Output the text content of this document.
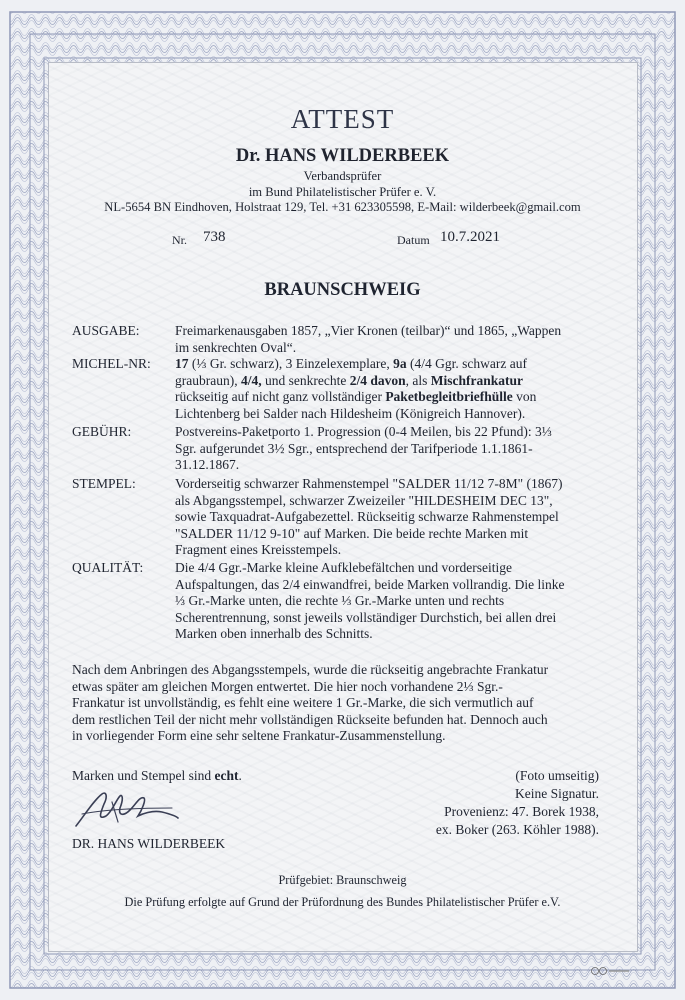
ATTEST
Dr. HANS WILDERBEEK
Verbandsprüfer
im Bund Philatelistischer Prüfer e. V.
NL-5654 BN Eindhoven, Holstraat 129, Tel. +31 623305598, E-Mail: wilderbeek@gmail.com
Nr. 738	Datum 10.7.2021
BRAUNSCHWEIG
AUSGABE:	Freimarkenausgaben 1857, „Vier Kronen (teilbar)“ und 1865, „Wappen
im senkrechten Oval“.
MICHEL-NR: 17 (⅓ Gr. schwarz), 3 Einzelexemplare, 9a (4/4 Ggr. schwarz auf
graubraun), 4/4, und senkrechte 2/4 davon, als Mischfrankatur
rückseitig auf nicht ganz vollständiger Paketbegleitbriefhülle von
Lichtenberg bei Salder nach Hildesheim (Königreich Hannover).
GEBÜHR:	Postvereins-Paketporto 1. Progression (0-4 Meilen, bis 22 Pfund): 3⅓
Sgr. aufgerundet 3½ Sgr., entsprechend der Tarifperiode 1.1.1861-
31.12.1867.
STEMPEL:	Vorderseitig schwarzer Rahmenstempel "SALDER 11/12 7-8M" (1867)
als Abgangsstempel, schwarzer Zweizeiler "HILDESHEIM DEC 13",
sowie Taxquadrat-Aufgabezettel. Rückseitig schwarze Rahmenstempel
"SALDER 11/12 9-10" auf Marken. Die beide rechte Marken mit
Fragment eines Kreisstempels.
QUALITÄT: Die 4/4 Ggr.-Marke kleine Aufklebefältchen und vorderseitige
Aufspaltungen, das 2/4 einwandfrei, beide Marken vollrandig. Die linke
⅓ Gr.-Marke unten, die rechte ⅓ Gr.-Marke unten und rechts
Scherentrennung, sonst jeweils vollständiger Durchstich, bei allen drei
Marken oben innerhalb des Schnitts.
Nach dem Anbringen des Abgangsstempels, wurde die rückseitig angebrachte Frankatur
etwas später am gleichen Morgen entwertet. Die hier noch vorhandene 2⅓ Sgr.-
Frankatur ist unvollständig, es fehlt eine weitere 1 Gr.-Marke, die sich vermutlich auf
dem restlichen Teil der nicht mehr vollständigen Rückseite befunden hat. Dennoch auch
in vorliegender Form eine sehr seltene Frankatur-Zusammenstellung.
Marken und Stempel sind echt.	(Foto umseitig)
Keine Signatur.
Provenienz: 47. Borek 1938,
ex. Boker (263. Köhler 1988).
DR. HANS WILDERBEEK
Prüfgebiet: Braunschweig
Die Prüfung erfolgte auf Grund der Prüfordnung des Bundes Philatelistischer Prüfer e.V.
